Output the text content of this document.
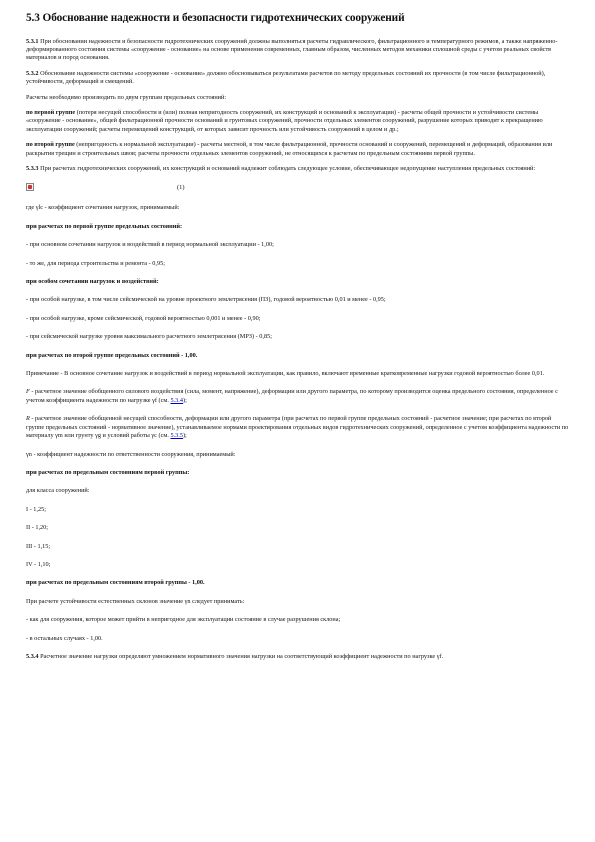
5.3 Обоснование надежности и безопасности гидротехнических сооружений

5.3.1 При обосновании надежности и безопасности гидротехнических сооружений должны выполняться расчеты гидравлического, фильтрационного и температурного режимов, а также напряженно-деформированного состояния системы «сооружение - основание» на основе применения современных, главным образом, численных методов механики сплошной среды с учетом реальных свойств материалов и пород основания.

5.3.2 Обоснование надежности системы «сооружение - основание» должно обосновываться результатами расчетов по методу предельных состояний их прочности (в том числе фильтрационной), устойчивости, деформаций и смещений.

Расчеты необходимо производить по двум группам предельных состояний:

по первой группе (потеря несущей способности и (или) полная непригодность сооружений, их конструкций и оснований к эксплуатации) - расчеты общей прочности и устойчивости системы «сооружение - основание», общей фильтрационной прочности оснований и грунтовых сооружений, прочности отдельных элементов сооружений, разрушение которых приводит к прекращению эксплуатации сооружений; расчеты перемещений конструкций, от которых зависит прочность или устойчивость сооружений в целом и др.;

по второй группе (непригодность к нормальной эксплуатации) - расчеты местной, в том числе фильтрационной, прочности оснований и сооружений, перемещений и деформаций, образования или раскрытия трещин и строительных швов; расчеты прочности отдельных элементов сооружений, не относящихся к расчетам по предельным состояниям первой группы.

5.3.3 При расчетах гидротехнических сооружений, их конструкций и оснований надлежит соблюдать следующее условие, обеспечивающее недопущение наступления предельных состояний:

(1)

где γlc - коэффициент сочетания нагрузок, принимаемый:

при расчетах по первой группе предельных состояний:

- при основном сочетании нагрузок и воздействий в период нормальной эксплуатации - 1,00;

- то же, для периода строительства и ремонта - 0,95;

при особом сочетании нагрузок и воздействий:

- при особой нагрузке, в том числе сейсмической на уровне проектного землетрясения (ПЗ), годовой вероятностью 0,01 и менее - 0,95;

- при особой нагрузке, кроме сейсмической, годовой вероятностью 0,001 и менее - 0,90;

- при сейсмической нагрузке уровня максимального расчетного землетрясения (МРЗ) - 0,85;

при расчетах по второй группе предельных состояний - 1,00.

Примечание - В основное сочетание нагрузок и воздействий в период нормальной эксплуатации, как правило, включают временные кратковременные нагрузки годовой вероятностью более 0,01.

F - расчетное значение обобщенного силового воздействия (сила, момент, напряжение), деформации или другого параметра, по которому производится оценка предельного состояния, определенное с учетом коэффициента надежности по нагрузке γf (см. 5.3.4);

R - расчетное значение обобщенной несущей способности, деформации или другого параметра (при расчетах по первой группе предельных состояний - расчетное значение; при расчетах по второй группе предельных состояний - нормативное значение), устанавливаемое нормами проектирования отдельных видов гидротехнических сооружений, определенное с учетом коэффициента надежности по материалу γm или грунту γg и условий работы γc (см. 5.3.5);

γn - коэффициент надежности по ответственности сооружения, принимаемый:

при расчетах по предельным состояниям первой группы:

для класса сооружений:

I - 1,25;

II - 1,20;

III - 1,15;

IV - 1,10;

при расчетах по предельным состояниям второй группы - 1,00.

При расчете устойчивости естественных склонов значение γn следует принимать:

- как для сооружения, которое может прийти в непригодное для эксплуатации состояние в случае разрушения склона;

- в остальных случаях - 1,00.

5.3.4 Расчетное значение нагрузки определяют умножением нормативного значения нагрузки на соответствующий коэффициент надежности по нагрузке γf.
